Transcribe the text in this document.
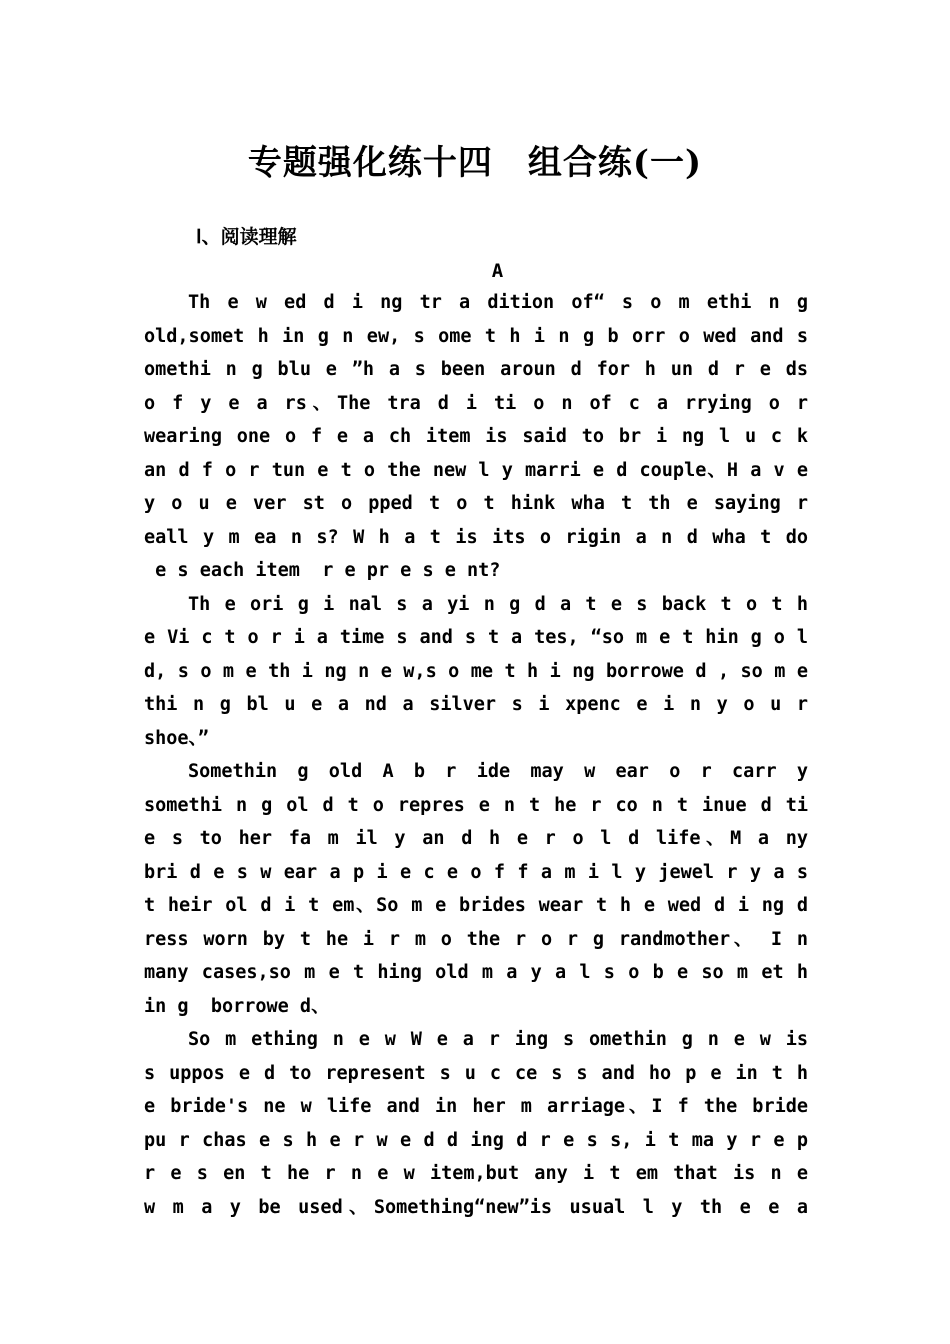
专题强化练十四　组合练(一)
Ⅰ、阅读理解
A
Th e w ed d i ng tr a dition of“ s o m ethi n g
old,somet h in g n ew, s ome t h i n g b orr o wed and s
omethi n g blu e ”h a s been aroun d for h un d r e ds
o f y e a rs、The tra d i ti o n of c a rrying o r
wearing one o f e a ch item is said to br i ng l u c k
an d f o r tun e t o the new l y marri e d couple、H a v e
y o u e ver st o pped t o t hink wha t th e saying r
eall y m ea n s? W h a t is its o rigin a n d wha t do
e s each item  r e pr e s e nt?
Th e ori g i nal s a yi n g d a t e s back t o t h
e Vi c t o r i a time s and s t a tes, “so m e t hin g o l
d, s o m e th i ng n e w,s o me t h i ng borrowe d , so m e
thi n g bl u e a nd a silver s i xpenc e i n y o u r
shoe、”
Somethin g old A b r ide may w ear o r carr y
somethi n g ol d t o repres e n t he r co n t inue d ti
e s to her fa m il y an d h e r o l d life、M a ny
bri d e s w ear a p i e c e o f f a m i l y jewel r y a s
t heir ol d i t em、So m e brides wear t h e wed d i ng d
ress worn by t he i r m o the r o r g randmother、 I n
many cases,so m e t hing old m a y a l s o b e so m et h
in g  borrowe d、
So m ething n e w W e a r ing s omethin g n e w is
s uppos e d to represent s u c ce s s and ho p e in t h
e bride's ne w life and in her m arriage、I f the bride
pu r chas e s h e r w e d d ing d r e s s, i t ma y r e p
r e s en t he r n e w item,but any i t em that is n e
w m a y be used、Something“new”is usual l y th e e a
